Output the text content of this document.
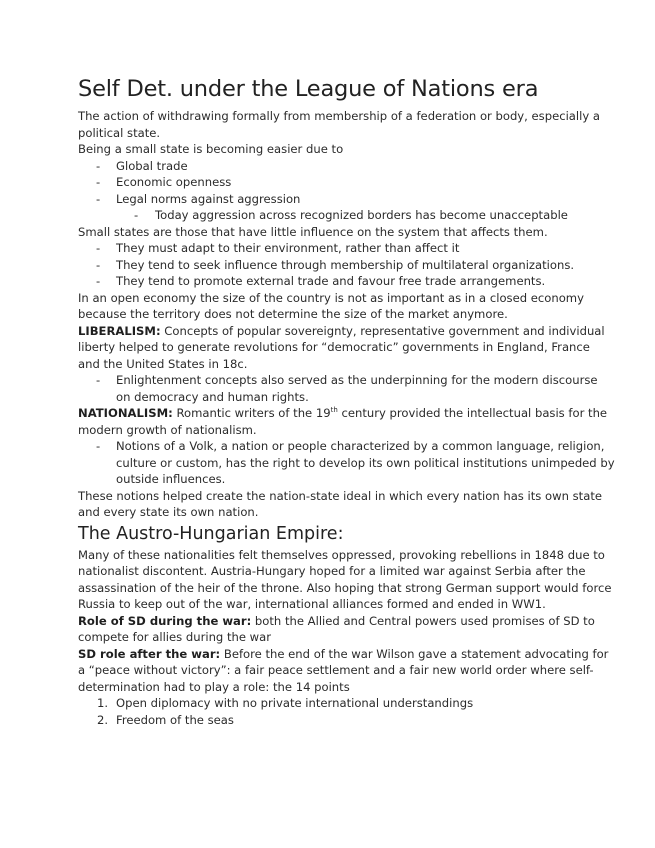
Self Det. under the League of Nations era

The action of withdrawing formally from membership of a federation or body, especially a political state.

Being a small state is becoming easier due to

- Global trade
- Economic openness
- Legal norms against aggression
- Today aggression across recognized borders has become unacceptable

Small states are those that have little influence on the system that affects them.

- They must adapt to their environment, rather than affect it
- They tend to seek influence through membership of multilateral organizations.
- They tend to promote external trade and favour free trade arrangements.

In an open economy the size of the country is not as important as in a closed economy because the territory does not determine the size of the market anymore.

LIBERALISM: Concepts of popular sovereignty, representative government and individual liberty helped to generate revolutions for “democratic” governments in England, France and the United States in 18c.

- Enlightenment concepts also served as the underpinning for the modern discourse on democracy and human rights.

NATIONALISM: Romantic writers of the 19th century provided the intellectual basis for the modern growth of nationalism.

- Notions of a Volk, a nation or people characterized by a common language, religion, culture or custom, has the right to develop its own political institutions unimpeded by outside influences.

These notions helped create the nation-state ideal in which every nation has its own state and every state its own nation.

The Austro-Hungarian Empire:

Many of these nationalities felt themselves oppressed, provoking rebellions in 1848 due to nationalist discontent. Austria-Hungary hoped for a limited war against Serbia after the assassination of the heir of the throne. Also hoping that strong German support would force Russia to keep out of the war, international alliances formed and ended in WW1.

Role of SD during the war: both the Allied and Central powers used promises of SD to compete for allies during the war

SD role after the war: Before the end of the war Wilson gave a statement advocating for a “peace without victory”: a fair peace settlement and a fair new world order where self-determination had to play a role: the 14 points

1. Open diplomacy with no private international understandings
2. Freedom of the seas
